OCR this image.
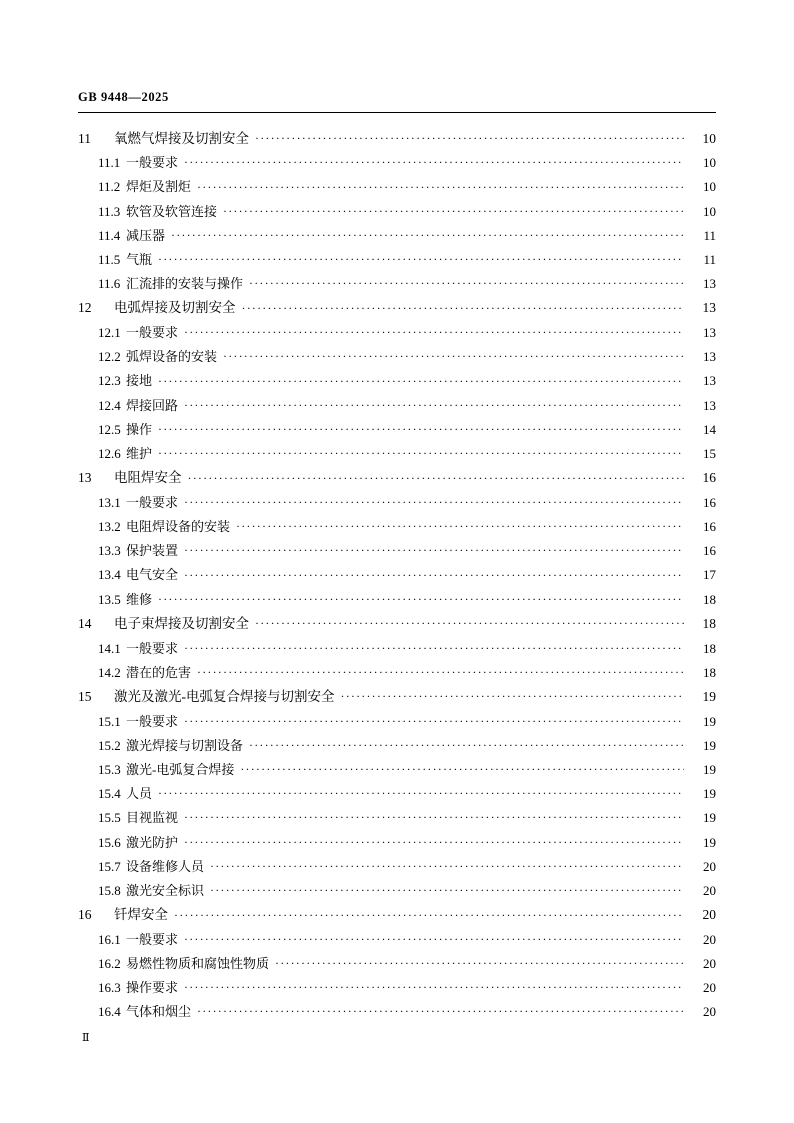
GB 9448—2025
11	氧燃气焊接及切割安全 ·····	10
11.1 一般要求 ·····	10
11.2 焊炬及割炬 ·····	10
11.3 软管及软管连接 ·····	10
11.4 减压器 ·····	11
11.5 气瓶 ·····	11
11.6 汇流排的安装与操作 ·····	13
12	电弧焊接及切割安全 ·····	13
12.1 一般要求 ·····	13
12.2 弧焊设备的安装 ·····	13
12.3 接地 ·····	13
12.4 焊接回路 ·····	13
12.5 操作 ·····	14
12.6 维护 ·····	15
13	电阻焊安全 ·····	16
13.1 一般要求 ·····	16
13.2 电阻焊设备的安装 ·····	16
13.3 保护装置 ·····	16
13.4 电气安全 ·····	17
13.5 维修 ·····	18
14	电子束焊接及切割安全 ·····	18
14.1 一般要求 ·····	18
14.2 潜在的危害 ·····	18
15	激光及激光-电弧复合焊接与切割安全 ·····	19
15.1 一般要求 ·····	19
15.2 激光焊接与切割设备 ·····	19
15.3 激光-电弧复合焊接 ·····	19
15.4 人员 ·····	19
15.5 目视监视 ·····	19
15.6 激光防护 ·····	19
15.7 设备维修人员 ·····	20
15.8 激光安全标识 ·····	20
16	钎焊安全 ·····	20
16.1 一般要求 ·····	20
16.2 易燃性物质和腐蚀性物质 ·····	20
16.3 操作要求 ·····	20
16.4 气体和烟尘 ·····	20
Ⅱ
